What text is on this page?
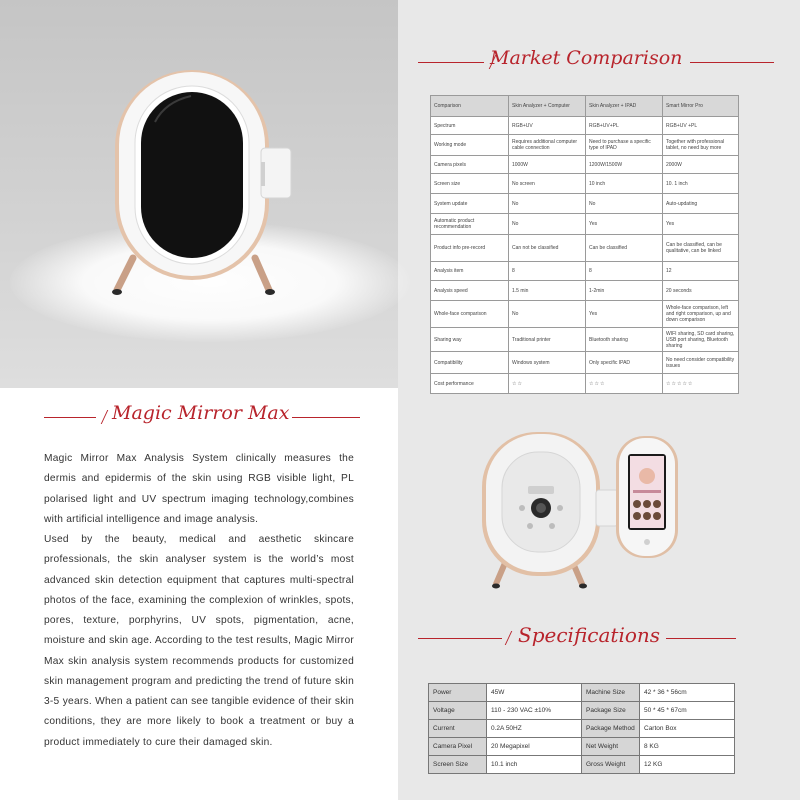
Market Comparison
Comparison	Skin Analyzer + Computer	Skin Analyzer + IPAD	Smart Mirror Pro
Spectrum	RGB+UV	RGB+UV+PL	RGB+UV +PL
Working mode	Requires additional computer cable connection	Need to purchase a specific type of IPAD	Together with professional tablet, no need buy more
Camera pixels	1000W	1200W/1500W	2000W
Screen size	No screen	10 inch	10. 1 inch
System update	No	No	Auto-updating
Automatic product recommendation	No	Yes	Yes
Product info pre-record	Can not be classified	Can be classified	Can be classified, can be qualitative, can be linked
Analysis item	8	8	12
Analysis speed	1.5 min	1-2min	20 seconds
Whole-face comparison	No	Yes	Whole-face comparison, left and right comparison, up and down comparison
Sharing way	Traditional printer	Bluetooth sharing	WIFI sharing, SD card sharing, USB port sharing, Bluetooth sharing
Compatibility	Windows system	Only specific IPAD	No need consider compatibility issues
Cost performance	☆☆	☆☆☆	☆☆☆☆☆
Magic Mirror Max

Magic Mirror Max Analysis System clinically measures the dermis and epidermis of the skin using RGB visible light, PL polarised light and UV spectrum imaging technology,combines with artificial intelligence and image analysis.

Used by the beauty, medical and aesthetic skincare professionals, the skin analyser system is the world’s most advanced skin detection equipment that captures multi-spectral photos of the face, examining the complexion of wrinkles, spots, pores, texture, porphyrins, UV spots, pigmentation, acne, moisture and skin age. According to the test results, Magic Mirror Max skin analysis system recommends products for customized skin management program and predicting the trend of future skin 3-5 years. When a patient can see tangible evidence of their skin conditions, they are more likely to book a treatment or buy a product immediately to cure their damaged skin.

Specifications
Power	45W	Machine Size	42 * 36 * 56cm
Voltage	110 - 230 VAC ±10%	Package Size	50 * 45 * 67cm
Current	0.2A 50HZ	Package Method	Carton Box
Camera Pixel	20 Megapixel	Net Weight	8 KG
Screen Size	10.1 inch	Gross Weight	12 KG
